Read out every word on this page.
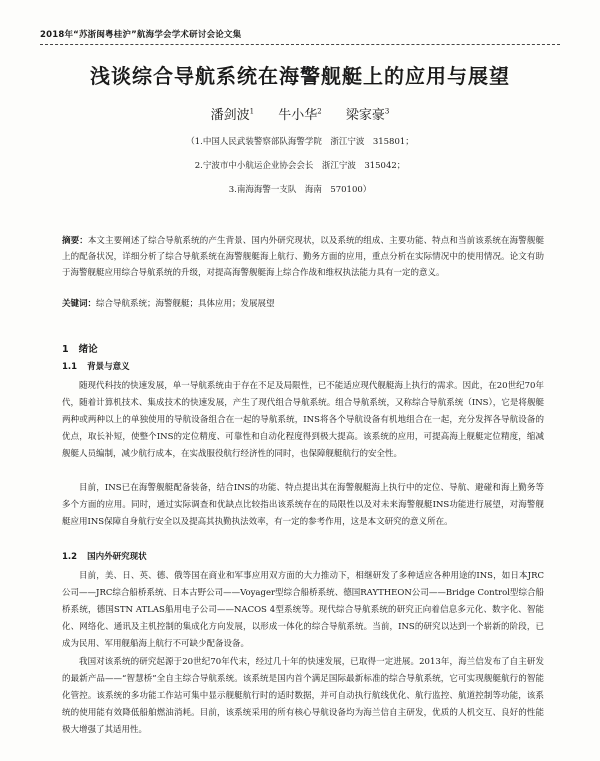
2018年“苏浙闽粤桂沪”航海学会学术研讨会论文集
浅谈综合导航系统在海警舰艇上的应用与展望
潘剑波$^1$ 牛小华$^2$ 梁家豪$^3$
（1.中国人民武装警察部队海警学院　浙江宁波　315801；
2.宁波市中小航运企业协会会长　浙江宁波　315042；
3.南海海警一支队　海南　570100）
摘要：本文主要阐述了综合导航系统的产生背景、国内外研究现状，以及系统的组成、主要功能、特点和当前该系统在海警舰艇上的配备状况，详细分析了综合导航系统在海警舰艇海上航行、勤务方面的应用，重点分析在实际情况中的使用情况。论文有助于海警舰艇应用综合导航系统的升级，对提高海警舰艇海上综合作战和维权执法能力具有一定的意义。
关键词：综合导航系统；海警舰艇；具体应用；发展展望
1 绪论
1.1 背景与意义
随现代科技的快速发展，单一导航系统由于存在不足及局限性，已不能适应现代舰艇海上执行的需求。因此，在20世纪70年代，随着计算机技术、集成技术的快速发展，产生了现代组合导航系统。组合导航系统，又称综合导航系统（INS），它是将舰艇两种或两种以上的单独使用的导航设备组合在一起的导航系统，INS将各个导航设备有机地组合在一起，充分发挥各导航设备的优点，取长补短，使整个INS的定位精度、可靠性和自动化程度得到极大提高。该系统的应用，可提高海上舰艇定位精度，缩减舰艇人员编制，减少航行成本，在实战服役航行经济性的同时，也保障舰艇航行的安全性。
目前，INS已在海警舰艇配备装备，结合INS的功能、特点提出其在海警舰艇海上执行中的定位、导航、避碰和海上勤务等多个方面的应用。同时，通过实际调查和优缺点比较指出该系统存在的局限性以及对未来海警舰艇INS功能进行展望，对海警舰艇应用INS保障自身航行安全以及提高其执勤执法效率，有一定的参考作用，这是本文研究的意义所在。
1.2 国内外研究现状
目前，美、日、英、德、俄等国在商业和军事应用双方面的大力推动下，相继研发了多种适应各种用途的INS，如日本JRC公司——JRC综合船桥系统、日本古野公司——Voyager型综合船桥系统、德国RAYTHEON公司——Bridge Control型综合船桥系统，德国STN ATLAS船用电子公司——NACOS 4型系统等。现代综合导航系统的研究正向着信息多元化、数字化、智能化、网络化、通讯及主机控制的集成化方向发展，以形成一体化的综合导航系统。当前，INS的研究以达到一个崭新的阶段，已成为民用、军用舰船海上航行不可缺少配备设备。
我国对该系统的研究起源于20世纪70年代末，经过几十年的快速发展，已取得一定进展。2013年，海兰信发布了自主研发的最新产品——“智慧桥”全自主综合导航系统。该系统是国内首个满足国际最新标准的综合导航系统，它可实现舰艇航行的智能化管控。该系统的多功能工作站可集中显示舰艇航行时的适时数据，并可自动执行航线优化、航行监控、航道控制等功能，该系统的使用能有效降低船舶燃油消耗。目前，该系统采用的所有核心导航设备均为海兰信自主研发，优质的人机交互、良好的性能极大增强了其适用性。
